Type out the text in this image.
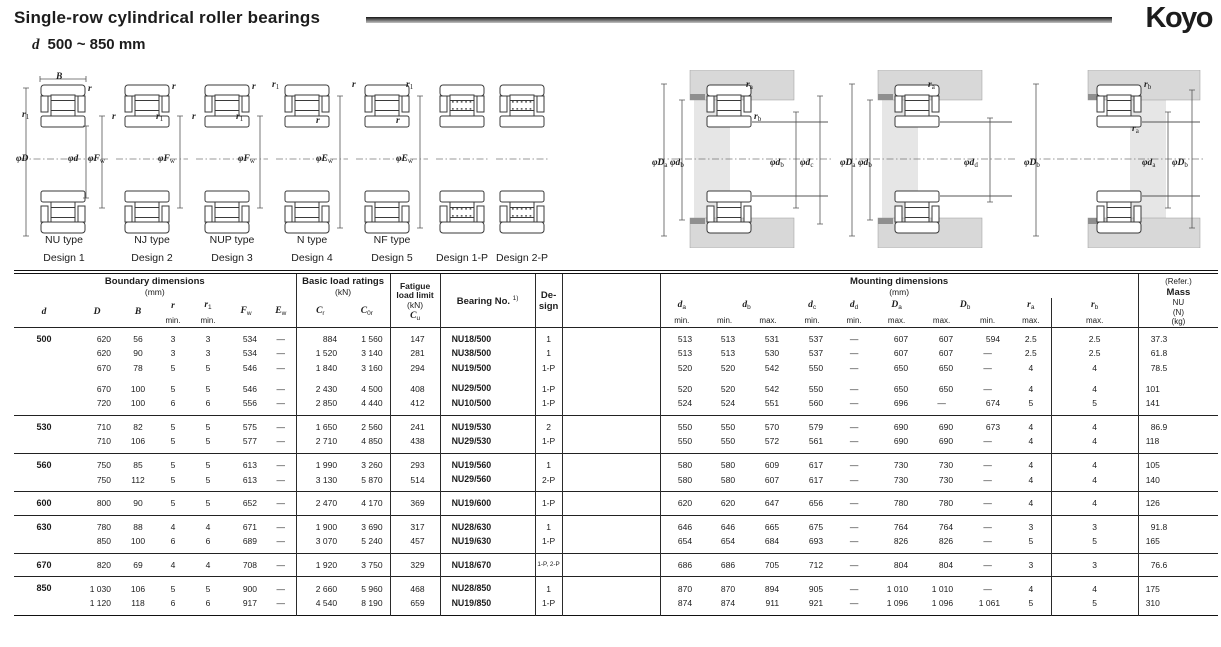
Single-row cylindrical roller bearings	Koyo
d 500 ~ 850 mm
B
r
$r_1$
φD	φd $\varphi F_w$
NU type
Design 1
r
r	$r_1$
$\varphi F_w$
NJ type
Design 2
r
r	$r_1$
$\varphi F_w$
NUP type
Design 3
$r_1$
r
$\varphi E_w$
N type
Design 4
r	$r_1$
r
$\varphi E_w$
NF type
Design 5	Design 1-P Design 2-P
$r_a$
$r_b$
$\varphi D_a$ $\varphi d_b$	$\varphi d_b$ $\varphi d_c$
$r_a$
$\varphi D_a$ $\varphi d_b$	$\varphi d_d$
$r_b$
$\varphi D_b$
$r_a$
$\varphi d_a$ $\varphi D_b$
Boundary dimensions
(mm)

Basic load ratings
(kN)

Fatigue
load limit
(kN)
$C_u$
	Bearing No. $^{1)}$	De-
sign

Mounting dimensions
(mm)

(Refer.)
Mass
NU
(N)
(kg)

d	D	B	r	$r_1$	$F_w$	$E_w$	$C_r$	$C_{0r}$					$d_a$	$d_b$		$d_c$	$d_d$	$D_a$	$D_b$		$r_a$	$r_b$
			min.	min.									min.	min.	max.	min.	min.	max.	max.	min.	max.	max.	
500	620	56	3	3	534	—	884	1 560	147	NU18/500	1		513	513	531	537	—	607	607	594	2.5	2.5	37.3
	620	90	3	3	534	—	1 520	3 140	281	NU38/500	1		513	513	530	537	—	607	607	—	2.5	2.5	61.8
	670	78	5	5	546	—	1 840	3 160	294	NU19/500	1-P		520	520	542	550	—	650	650	—	4	4	78.5

	670	100	5	5	546	—	2 430	4 500	408	NU29/500	1-P		520	520	542	550	—	650	650	—	4	4	101
	720	100	6	6	556	—	2 850	4 440	412	NU10/500	1-P		524	524	551	560	—	696	—	674	5	5	141
530	710	82	5	5	575	—	1 650	2 560	241	NU19/530	2		550	550	570	579	—	690	690	673	4	4	86.9
	710	106	5	5	577	—	2 710	4 850	438	NU29/530	1-P		550	550	572	561	—	690	690	—	4	4	118
560	750	85	5	5	613	—	1 990	3 260	293	NU19/560	1		580	580	609	617	—	730	730	—	4	4	105
	750	112	5	5	613	—	3 130	5 870	514	NU29/560	2-P		580	580	607	617	—	730	730	—	4	4	140
600	800	90	5	5	652	—	2 470	4 170	369	NU19/600	1-P		620	620	647	656	—	780	780	—	4	4	126
630	780	88	4	4	671	—	1 900	3 690	317	NU28/630	1		646	646	665	675	—	764	764	—	3	3	91.8
	850	100	6	6	689	—	3 070	5 240	457	NU19/630	1-P		654	654	684	693	—	826	826	—	5	5	165
670	820	69	4	4	708	—	1 920	3 750	329	NU18/670	1-P, 2-P		686	686	705	712	—	804	804	—	3	3	76.6
850	1 030	106	5	5	900	—	2 660	5 960	468	NU28/850	1		870	870	894	905	—	1 010	1 010	—	4	4	175
	1 120	118	6	6	917	—	4 540	8 190	659	NU19/850	1-P		874	874	911	921	—	1 096	1 096	1 061	5	5	310
